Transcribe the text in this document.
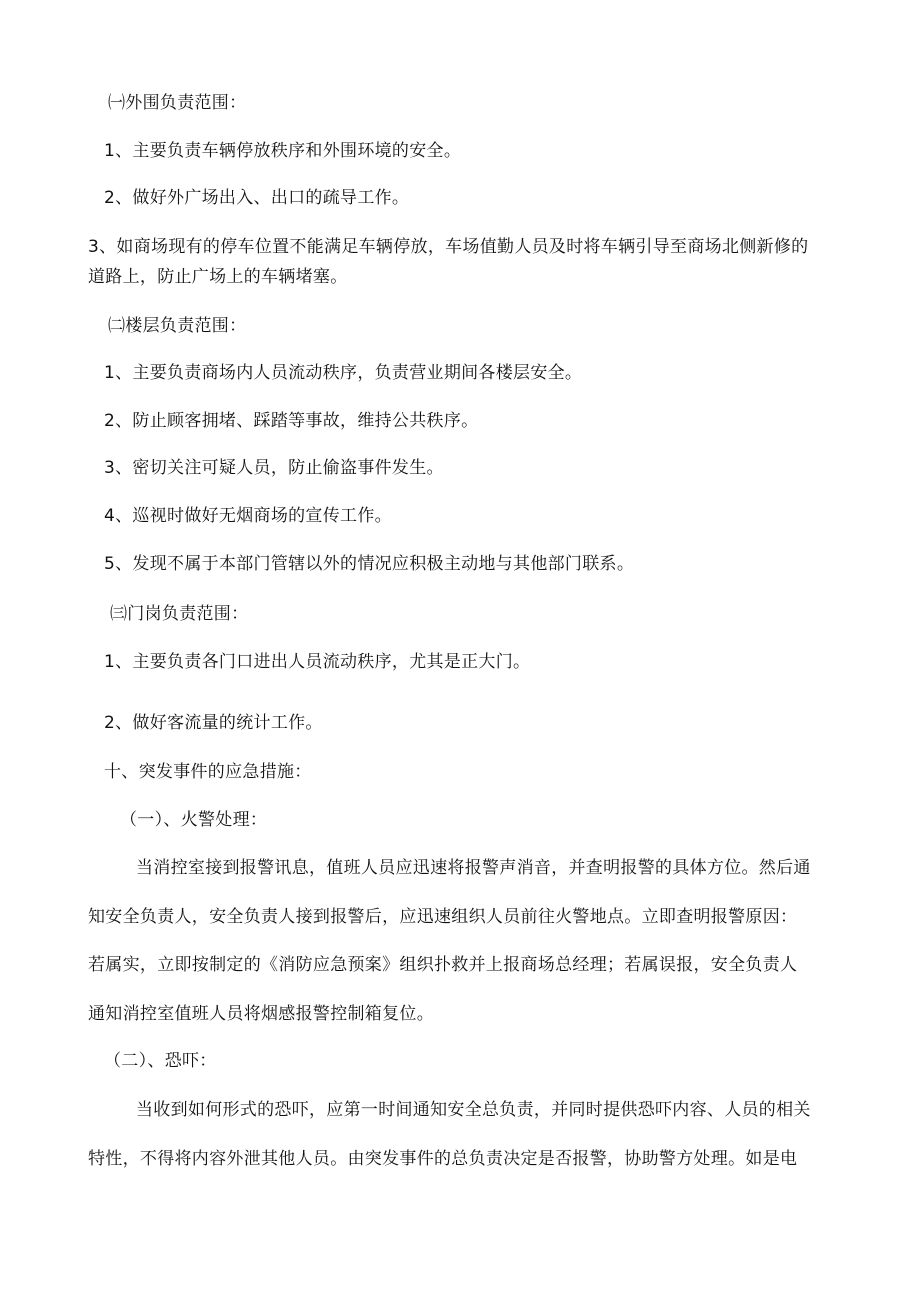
㈠外围负责范围：
1、主要负责车辆停放秩序和外围环境的安全。
2、做好外广场出入、出口的疏导工作。
3、如商场现有的停车位置不能满足车辆停放，车场值勤人员及时将车辆引导至商场北侧新修的
道路上，防止广场上的车辆堵塞。
㈡楼层负责范围：
1、主要负责商场内人员流动秩序，负责营业期间各楼层安全。
2、防止顾客拥堵、踩踏等事故，维持公共秩序。
3、密切关注可疑人员，防止偷盗事件发生。
4、巡视时做好无烟商场的宣传工作。
5、发现不属于本部门管辖以外的情况应积极主动地与其他部门联系。
㈢门岗负责范围：
1、主要负责各门口进出人员流动秩序，尤其是正大门。
2、做好客流量的统计工作。
十、突发事件的应急措施：
（一）、火警处理：
当消控室接到报警讯息，值班人员应迅速将报警声消音，并查明报警的具体方位。然后通
知安全负责人，安全负责人接到报警后，应迅速组织人员前往火警地点。立即查明报警原因：
若属实，立即按制定的《消防应急预案》组织扑救并上报商场总经理；若属误报，安全负责人
通知消控室值班人员将烟感报警控制箱复位。
（二）、恐吓：
当收到如何形式的恐吓，应第一时间通知安全总负责，并同时提供恐吓内容、人员的相关
特性，不得将内容外泄其他人员。由突发事件的总负责决定是否报警，协助警方处理。如是电
